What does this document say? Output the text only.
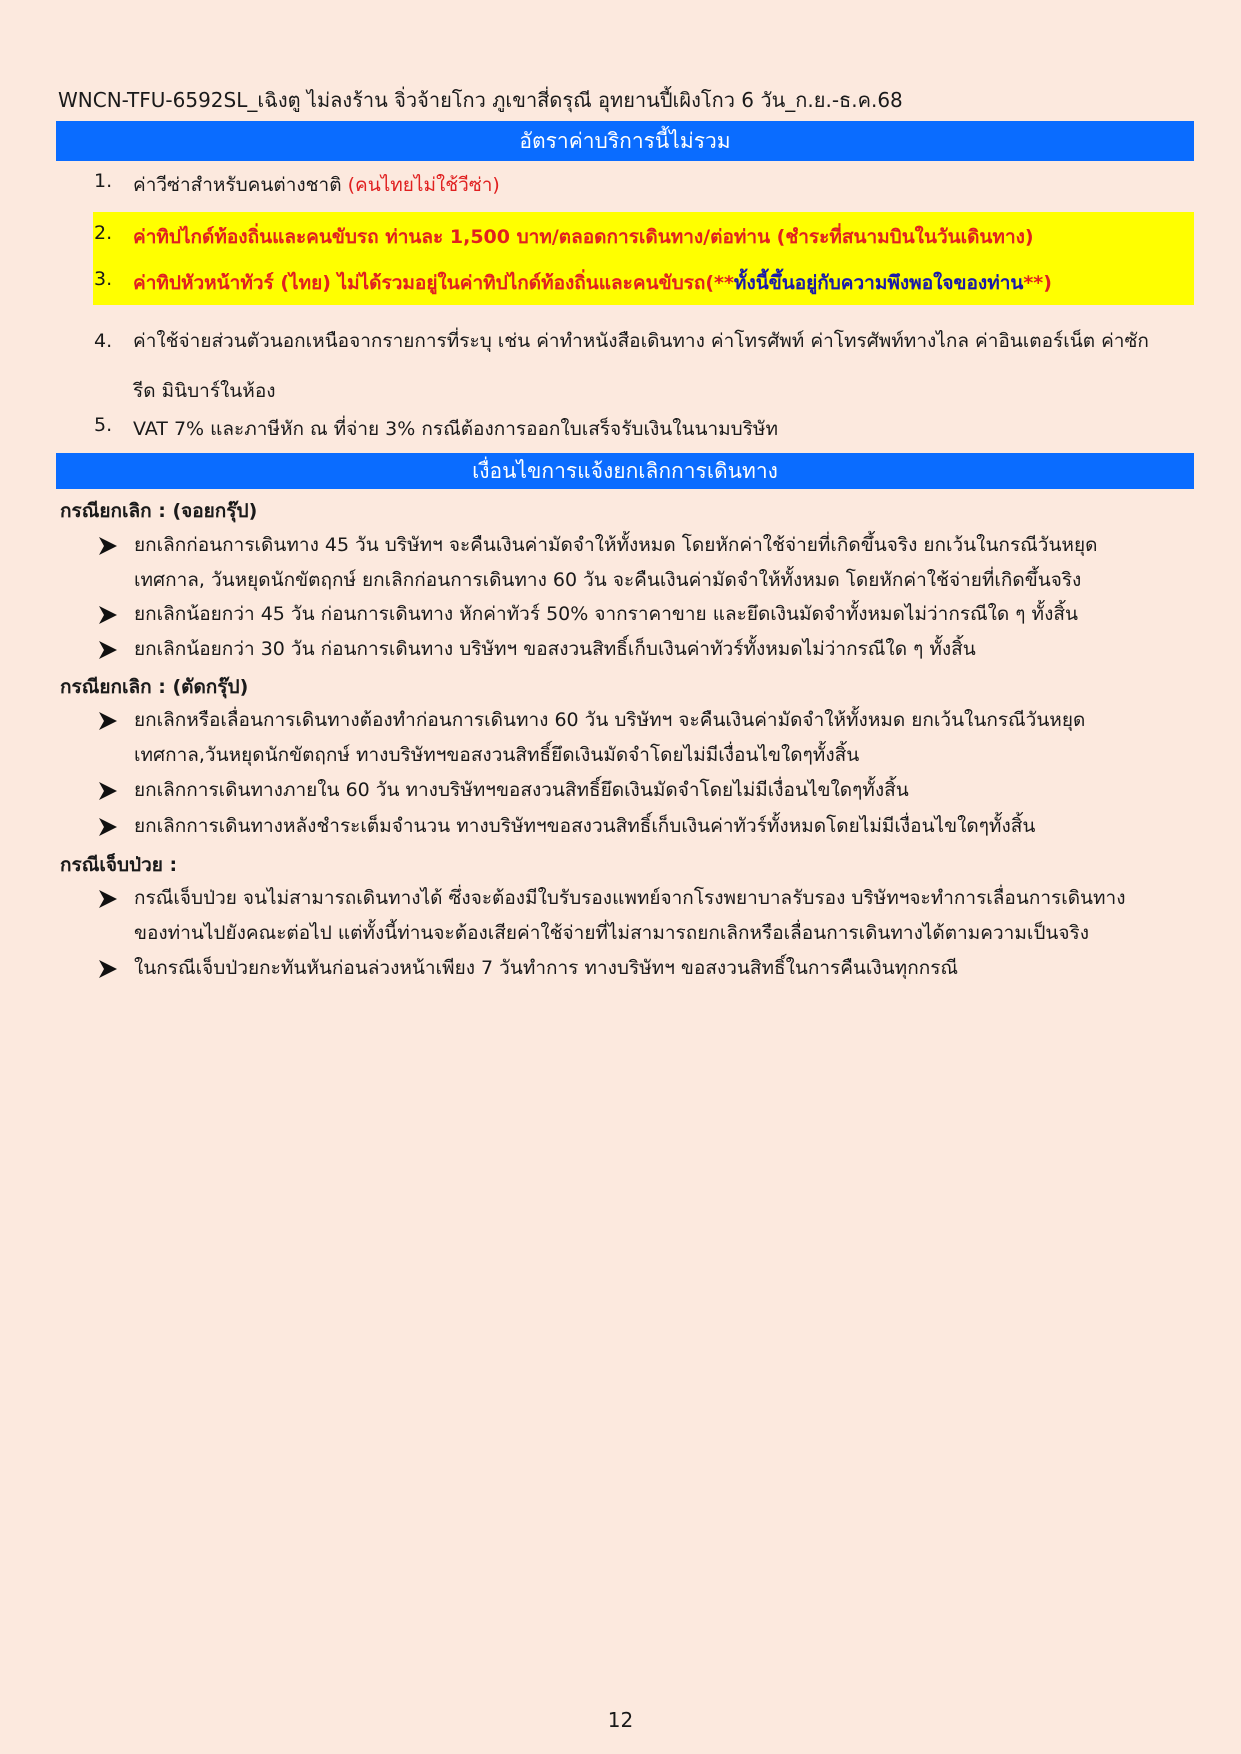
WNCN-TFU-6592SL_เฉิงตู ไม่ลงร้าน จิ่วจ้ายโกว ภูเขาสี่ดรุณี อุทยานปี้เผิงโกว 6 วัน_ก.ย.-ธ.ค.68
อัตราค่าบริการนี้ไม่รวม
1.	ค่าวีซ่าสำหรับคนต่างชาติ (คนไทยไม่ใช้วีซ่า)
2.	ค่าทิปไกด์ท้องถิ่นและคนขับรถ ท่านละ 1,500 บาท/ตลอดการเดินทาง/ต่อท่าน (ชำระที่สนามบินในวันเดินทาง)
3.	ค่าทิปหัวหน้าทัวร์ (ไทย) ไม่ได้รวมอยู่ในค่าทิปไกด์ท้องถิ่นและคนขับรถ(**ทั้งนี้ขึ้นอยู่กับความพึงพอใจของท่าน**)
4.	ค่าใช้จ่ายส่วนตัวนอกเหนือจากรายการที่ระบุ เช่น ค่าทำหนังสือเดินทาง ค่าโทรศัพท์ ค่าโทรศัพท์ทางไกล ค่าอินเตอร์เน็ต ค่าซัก
รีด มินิบาร์ในห้อง
5.	VAT 7% และภาษีหัก ณ ที่จ่าย 3% กรณีต้องการออกใบเสร็จรับเงินในนามบริษัท
เงื่อนไขการแจ้งยกเลิกการเดินทาง
กรณียกเลิก : (จอยกรุ๊ป)
ยกเลิกก่อนการเดินทาง 45 วัน บริษัทฯ จะคืนเงินค่ามัดจำให้ทั้งหมด โดยหักค่าใช้จ่ายที่เกิดขึ้นจริง ยกเว้นในกรณีวันหยุด
เทศกาล, วันหยุดนักขัตฤกษ์ ยกเลิกก่อนการเดินทาง 60 วัน จะคืนเงินค่ามัดจำให้ทั้งหมด โดยหักค่าใช้จ่ายที่เกิดขึ้นจริง
ยกเลิกน้อยกว่า 45 วัน ก่อนการเดินทาง หักค่าทัวร์ 50% จากราคาขาย และยึดเงินมัดจำทั้งหมดไม่ว่ากรณีใด ๆ ทั้งสิ้น
ยกเลิกน้อยกว่า 30 วัน ก่อนการเดินทาง บริษัทฯ ขอสงวนสิทธิ์เก็บเงินค่าทัวร์ทั้งหมดไม่ว่ากรณีใด ๆ ทั้งสิ้น
กรณียกเลิก : (ตัดกรุ๊ป)
ยกเลิกหรือเลื่อนการเดินทางต้องทำก่อนการเดินทาง 60 วัน บริษัทฯ จะคืนเงินค่ามัดจำให้ทั้งหมด ยกเว้นในกรณีวันหยุด
เทศกาล,วันหยุดนักขัตฤกษ์ ทางบริษัทฯขอสงวนสิทธิ์ยึดเงินมัดจำโดยไม่มีเงื่อนไขใดๆทั้งสิ้น
ยกเลิกการเดินทางภายใน 60 วัน ทางบริษัทฯขอสงวนสิทธิ์ยึดเงินมัดจำโดยไม่มีเงื่อนไขใดๆทั้งสิ้น
ยกเลิกการเดินทางหลังชำระเต็มจำนวน ทางบริษัทฯขอสงวนสิทธิ์เก็บเงินค่าทัวร์ทั้งหมดโดยไม่มีเงื่อนไขใดๆทั้งสิ้น
กรณีเจ็บป่วย :
กรณีเจ็บป่วย จนไม่สามารถเดินทางได้ ซึ่งจะต้องมีใบรับรองแพทย์จากโรงพยาบาลรับรอง บริษัทฯจะทำการเลื่อนการเดินทาง
ของท่านไปยังคณะต่อไป แต่ทั้งนี้ท่านจะต้องเสียค่าใช้จ่ายที่ไม่สามารถยกเลิกหรือเลื่อนการเดินทางได้ตามความเป็นจริง
ในกรณีเจ็บป่วยกะทันหันก่อนล่วงหน้าเพียง 7 วันทำการ ทางบริษัทฯ ขอสงวนสิทธิ์ในการคืนเงินทุกกรณี
12
